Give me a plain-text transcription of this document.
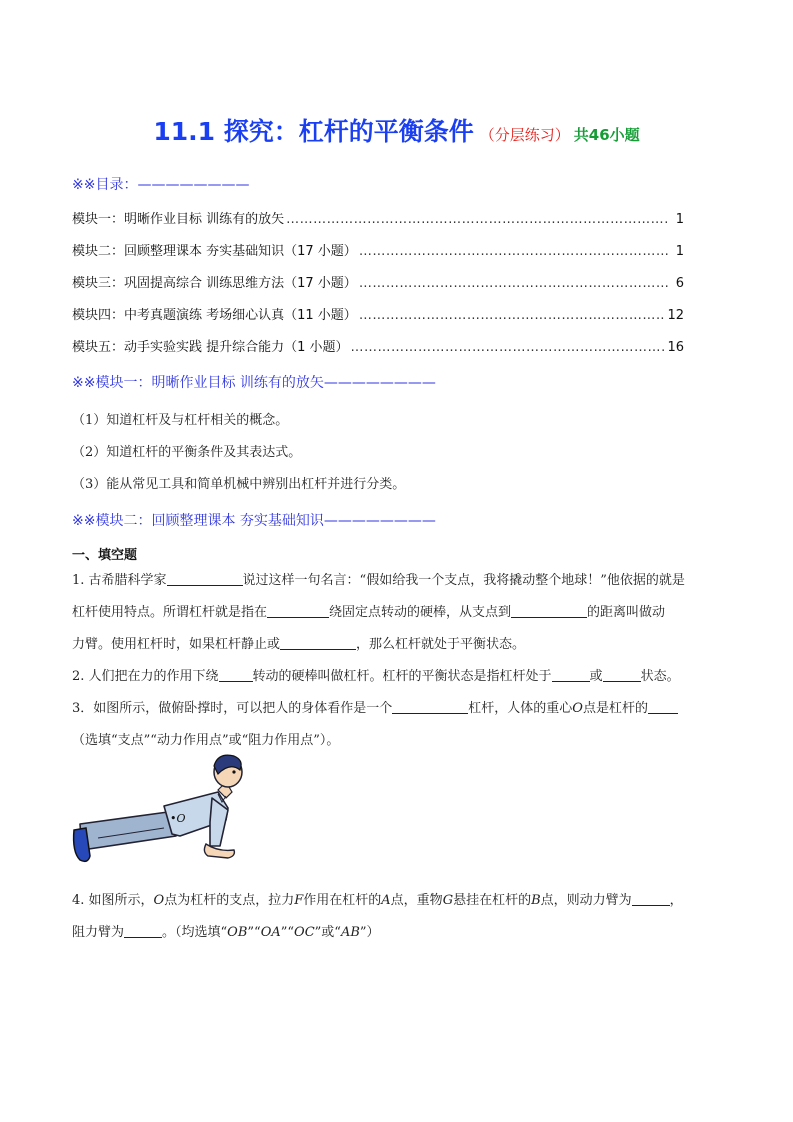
11.1 探究：杠杆的平衡条件 （分层练习） 共46小题
※※目录：————————
模块一：明晰作业目标 训练有的放矢 ……………………………………………………………………………………………………………………………………	1
模块二：回顾整理课本 夯实基础知识（17 小题） ……………………………………………………………………………………………………………………………………	1
模块三：巩固提高综合 训练思维方法（17 小题） ……………………………………………………………………………………………………………………………………	6
模块四：中考真题演练 考场细心认真（11 小题） ……………………………………………………………………………………………………………………………………	12
模块五：动手实验实践 提升综合能力（1 小题） ……………………………………………………………………………………………………………………………………	16
※※模块一：明晰作业目标 训练有的放矢————————
（1）知道杠杆及与杠杆相关的概念。
（2）知道杠杆的平衡条件及其表达式。
（3）能从常见工具和简单机械中辨别出杠杆并进行分类。
※※模块二：回顾整理课本 夯实基础知识————————
一、填空题
1. 古希腊科学家	说过这样一句名言：“假如给我一个支点，我将撬动整个地球！”他依据的就是
杠杆使用特点。所谓杠杆就是指在	绕固定点转动的硬棒，从支点到	的距离叫做动
力臂。使用杠杆时，如果杠杆静止或	，那么杠杆就处于平衡状态。
2. 人们把在力的作用下绕	转动的硬棒叫做杠杆。杠杆的平衡状态是指杠杆处于	或	状态。
3．如图所示，做俯卧撑时，可以把人的身体看作是一个	杠杆，人体的重心O点是杠杆的
（选填“支点”“动力作用点”或“阻力作用点”）。
•O
4. 如图所示，O点为杠杆的支点，拉力F作用在杠杆的A点，重物G悬挂在杠杆的B点，则动力臂为	，
阻力臂为	。（均选填“OB”“OA”“OC”或“AB”）
